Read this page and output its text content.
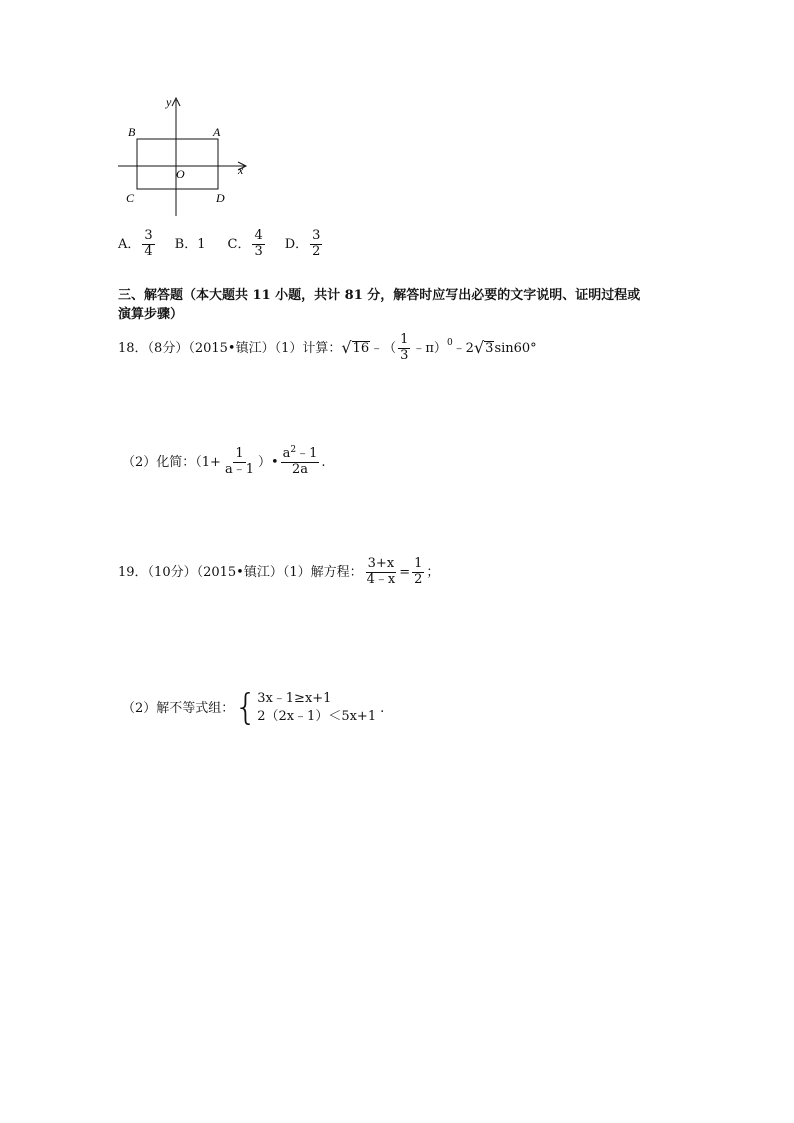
y
x
B	A
C	D
O
A． $\frac{3}{4}$ B．1 C． $\frac{4}{3}$ D． $\frac{3}{2}$
三、解答题（本大题共 11 小题，共计 81 分，解答时应写出必要的文字说明、证明过程或
演算步骤）
18．（8分）（2015•镇江）（1）计算： √ 16 ﹣（ $\frac{1}{3}$ ﹣π） 0 ﹣2 √ 3 sin60°
（2）化简：（$1+ \frac{1}{a﹣1}$ ）• $\frac{a^2﹣1}{2a}$ .
19．（10分）（2015•镇江）（1）解方程： $\frac{3+x}{4﹣x} = \frac{1}{2}$ ；
（2）解不等式组： { 3x﹣1≥x+1
2（2x﹣1）＜5x+1
.
